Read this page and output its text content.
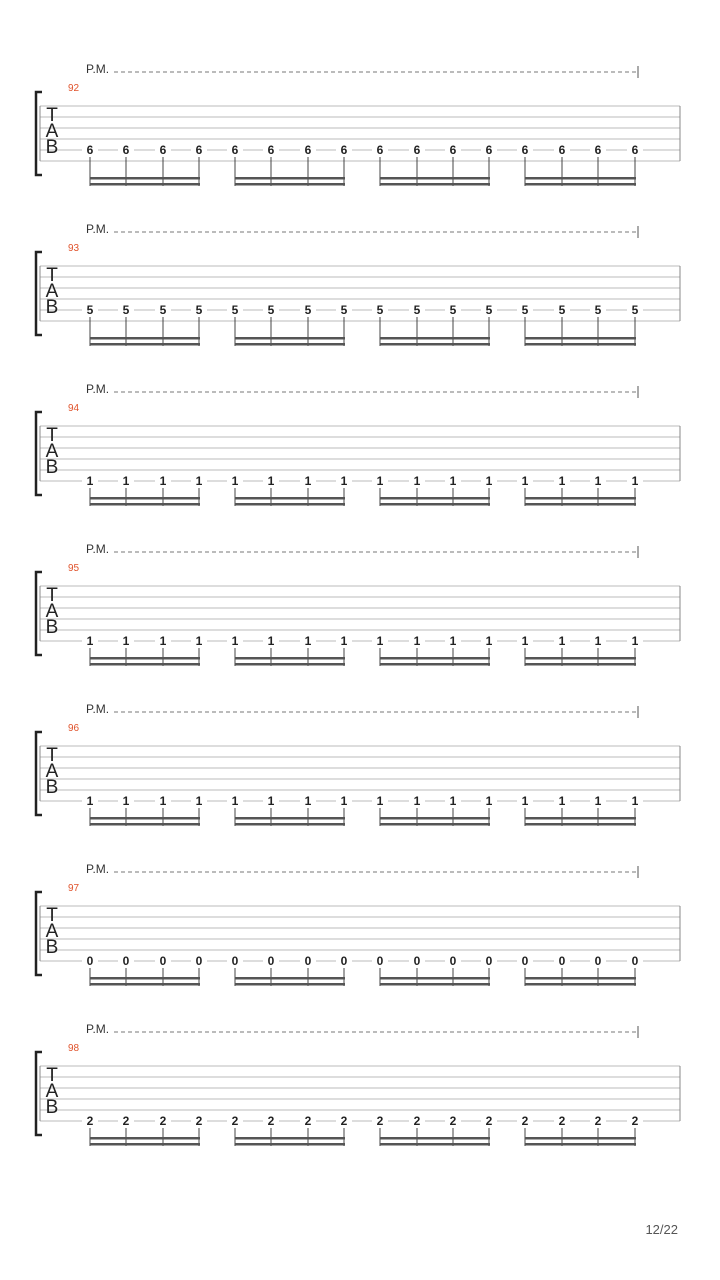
P.M.
92
T
A
B	6	6	6	6	6	6	6	6	6	6	6	6	6	6	6	6
P.M.
93
T
A
B	5	5	5	5	5	5	5	5	5	5	5	5	5	5	5	5
P.M.
94
T
A
B
1	1	1	1	1	1	1	1	1	1	1	1	1	1	1	1
P.M.
95
T
A
B
1	1	1	1	1	1	1	1	1	1	1	1	1	1	1	1
P.M.
96
T
A
B
1	1	1	1	1	1	1	1	1	1	1	1	1	1	1	1
P.M.
97
T
A
B
0	0	0	0	0	0	0	0	0	0	0	0	0	0	0	0
P.M.
98
T
A
B
2	2	2	2	2	2	2	2	2	2	2	2	2	2	2	2
12/22
